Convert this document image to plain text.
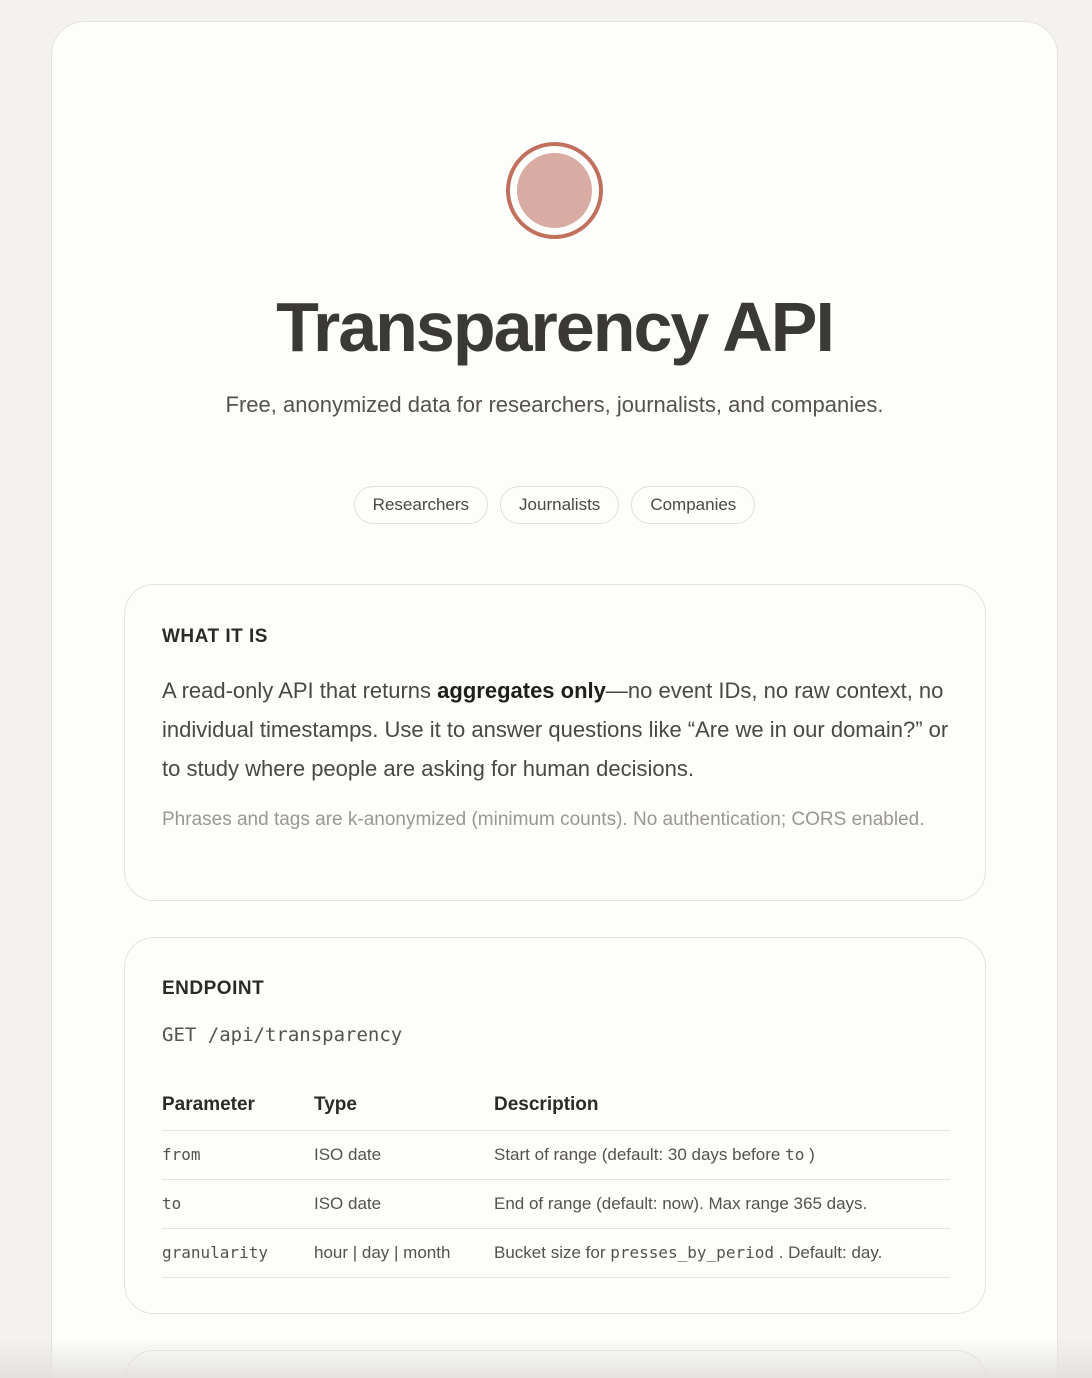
Transparency API

Free, anonymized data for researchers, journalists, and companies.

Researchers	Journalists	Companies
WHAT IT IS

A read-only API that returns aggregates only—no event IDs, no raw context, no individual timestamps. Use it to answer questions like “Are we in our domain?” or to study where people are asking for human decisions.

Phrases and tags are k-anonymized (minimum counts). No authentication; CORS enabled.

ENDPOINT
GET /api/transparency
Parameter	Type	Description
from	ISO date	Start of range (default: 30 days before to )
to	ISO date	End of range (default: now). Max range 365 days.
granularity	hour | day | month	Bucket size for presses_by_period . Default: day.
